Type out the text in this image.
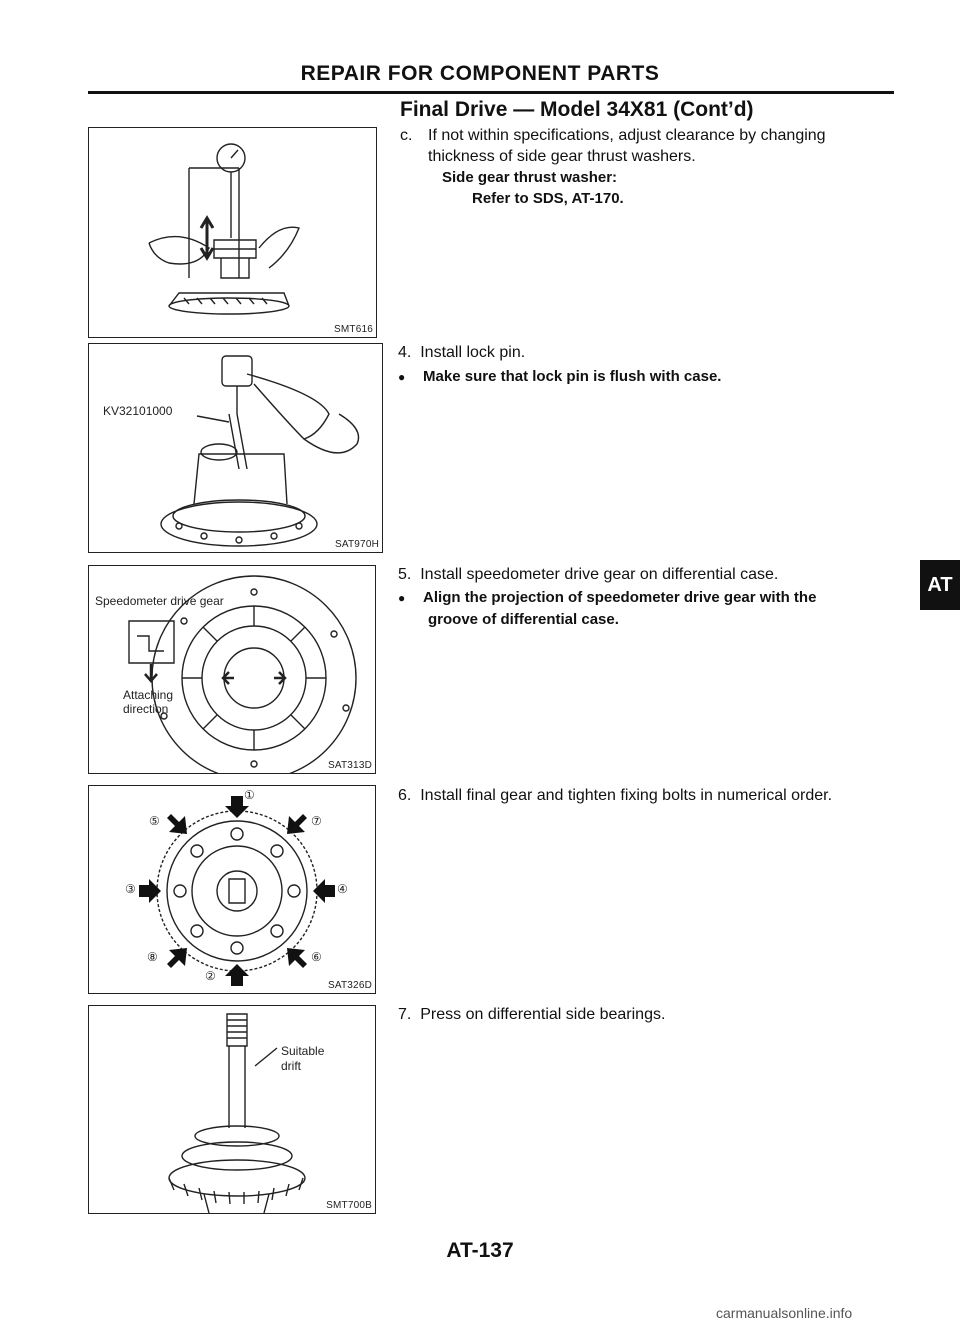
REPAIR FOR COMPONENT PARTS
Final Drive — Model 34X81 (Cont’d)
SMT616
KV32101000
SAT970H
Speedometer drive gear
Attaching
direction
SAT313D
①
②
③	④
⑤
⑥
⑦
⑧
SAT326D
Suitable
drift
SMT700B
c. If not within specifications, adjust clearance by changing
thickness of side gear thrust washers.
Side gear thrust washer:
Refer to SDS, AT-170.
4. Install lock pin.
● Make sure that lock pin is flush with case.
5. Install speedometer drive gear on differential case.
● Align the projection of speedometer drive gear with the
groove of differential case.
6. Install final gear and tighten fixing bolts in numerical order.
7. Press on differential side bearings.
AT
AT-137
carmanualsonline.info
